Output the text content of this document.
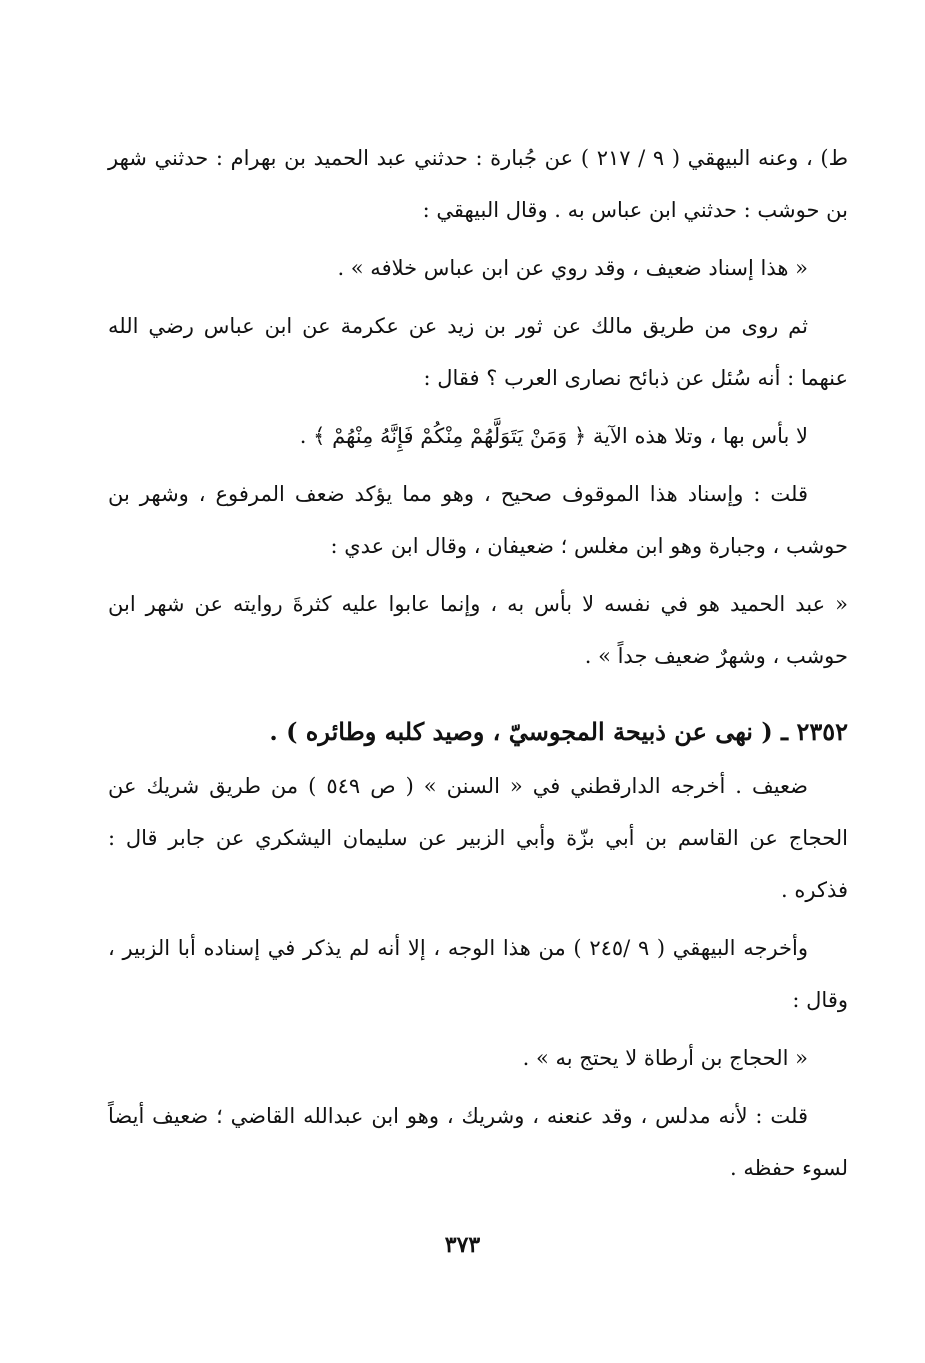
ط) ، وعنه البيهقي ( ٩ / ٢١٧ ) عن جُبارة : حدثني عبد الحميد بن بهرام : حدثني شهر بن حوشب : حدثني ابن عباس به . وقال البيهقي :

« هذا إسناد ضعيف ، وقد روي عن ابن عباس خلافه » .

ثم روى من طريق مالك عن ثور بن زيد عن عكرمة عن ابن عباس رضي الله عنهما : أنه سُئل عن ذبائح نصارى العرب ؟ فقال :

لا بأس بها ، وتلا هذه الآية ﴿ وَمَنْ يَتَوَلَّهُمْ مِنْكُمْ فَإِنَّهُ مِنْهُمْ ﴾ .

قلت : وإسناد هذا الموقوف صحيح ، وهو مما يؤكد ضعف المرفوع ، وشهر بن حوشب ، وجبارة وهو ابن مغلس ؛ ضعيفان ، وقال ابن عدي :

« عبد الحميد هو في نفسه لا بأس به ، وإنما عابوا عليه كثرةَ روايته عن شهر ابن حوشب ، وشهرٌ ضعيف جداً » .

٢٣٥٢ ـ ( نهى عن ذبيحة المجوسيّ ، وصيد كلبه وطائره ) .

ضعيف . أخرجه الدارقطني في « السنن » ( ص ٥٤٩ ) من طريق شريك عن الحجاج عن القاسم بن أبي بزّة وأبي الزبير عن سليمان اليشكري عن جابر قال : فذكره .

وأخرجه البيهقي ( ٩ /٢٤٥ ) من هذا الوجه ، إلا أنه لم يذكر في إسناده أبا الزبير ، وقال :

« الحجاج بن أرطاة لا يحتج به » .

قلت : لأنه مدلس ، وقد عنعنه ، وشريك ، وهو ابن عبدالله القاضي ؛ ضعيف أيضاً لسوء حفظه .

٣٧٣
